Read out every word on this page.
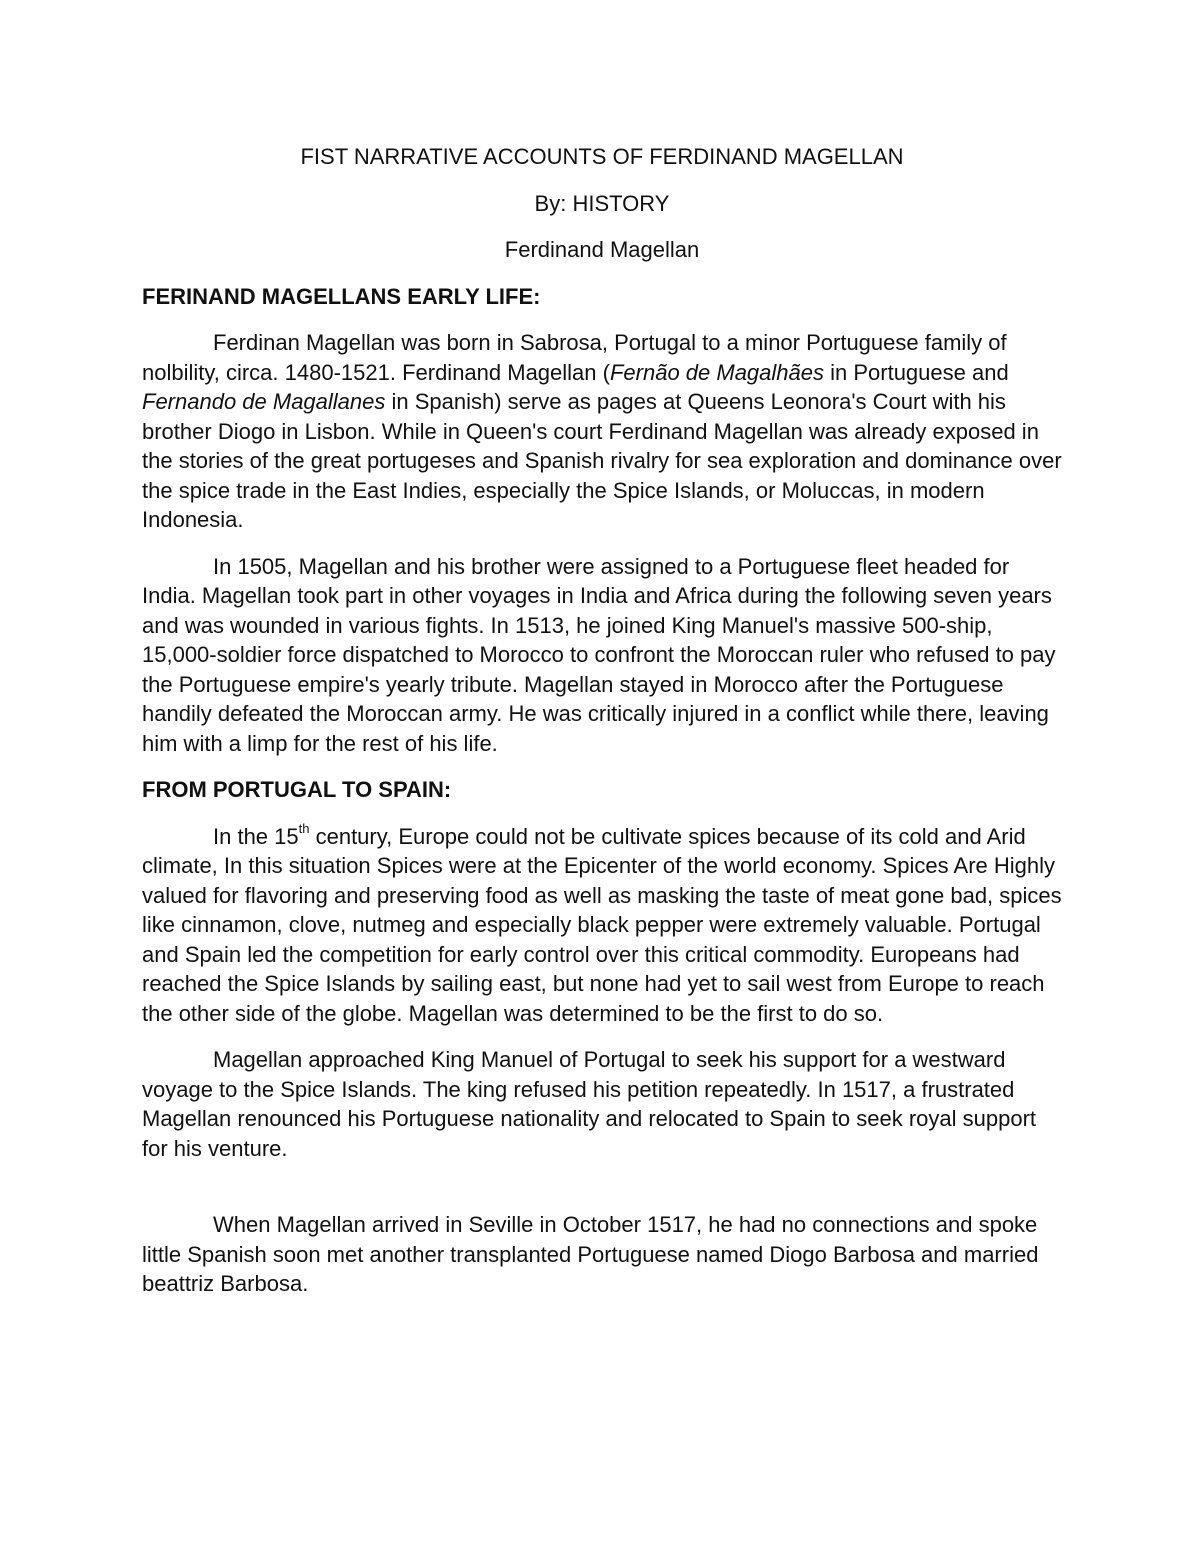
FIST NARRATIVE ACCOUNTS OF FERDINAND MAGELLAN

By: HISTORY

Ferdinand Magellan

FERINAND MAGELLANS EARLY LIFE:

Ferdinan Magellan was born in Sabrosa, Portugal to a minor Portuguese family of nolbility, circa. 1480-1521. Ferdinand Magellan (Fernão de Magalhães in Portuguese and Fernando de Magallanes in Spanish) serve as pages at Queens Leonora's Court with his brother Diogo in Lisbon. While in Queen's court Ferdinand Magellan was already exposed in the stories of the great portugeses and Spanish rivalry for sea exploration and dominance over the spice trade in the East Indies, especially the Spice Islands, or Moluccas, in modern Indonesia.

In 1505, Magellan and his brother were assigned to a Portuguese fleet headed for India. Magellan took part in other voyages in India and Africa during the following seven years and was wounded in various fights. In 1513, he joined King Manuel's massive 500-ship, 15,000-soldier force dispatched to Morocco to confront the Moroccan ruler who refused to pay the Portuguese empire's yearly tribute. Magellan stayed in Morocco after the Portuguese handily defeated the Moroccan army. He was critically injured in a conflict while there, leaving him with a limp for the rest of his life.

FROM PORTUGAL TO SPAIN:

In the 15th century, Europe could not be cultivate spices because of its cold and Arid climate, In this situation Spices were at the Epicenter of the world economy. Spices Are Highly valued for flavoring and preserving food as well as masking the taste of meat gone bad, spices like cinnamon, clove, nutmeg and especially black pepper were extremely valuable. Portugal and Spain led the competition for early control over this critical commodity. Europeans had reached the Spice Islands by sailing east, but none had yet to sail west from Europe to reach the other side of the globe. Magellan was determined to be the first to do so.

Magellan approached King Manuel of Portugal to seek his support for a westward voyage to the Spice Islands. The king refused his petition repeatedly. In 1517, a frustrated Magellan renounced his Portuguese nationality and relocated to Spain to seek royal support for his venture.

When Magellan arrived in Seville in October 1517, he had no connections and spoke little Spanish soon met another transplanted Portuguese named Diogo Barbosa and married beattriz Barbosa.
